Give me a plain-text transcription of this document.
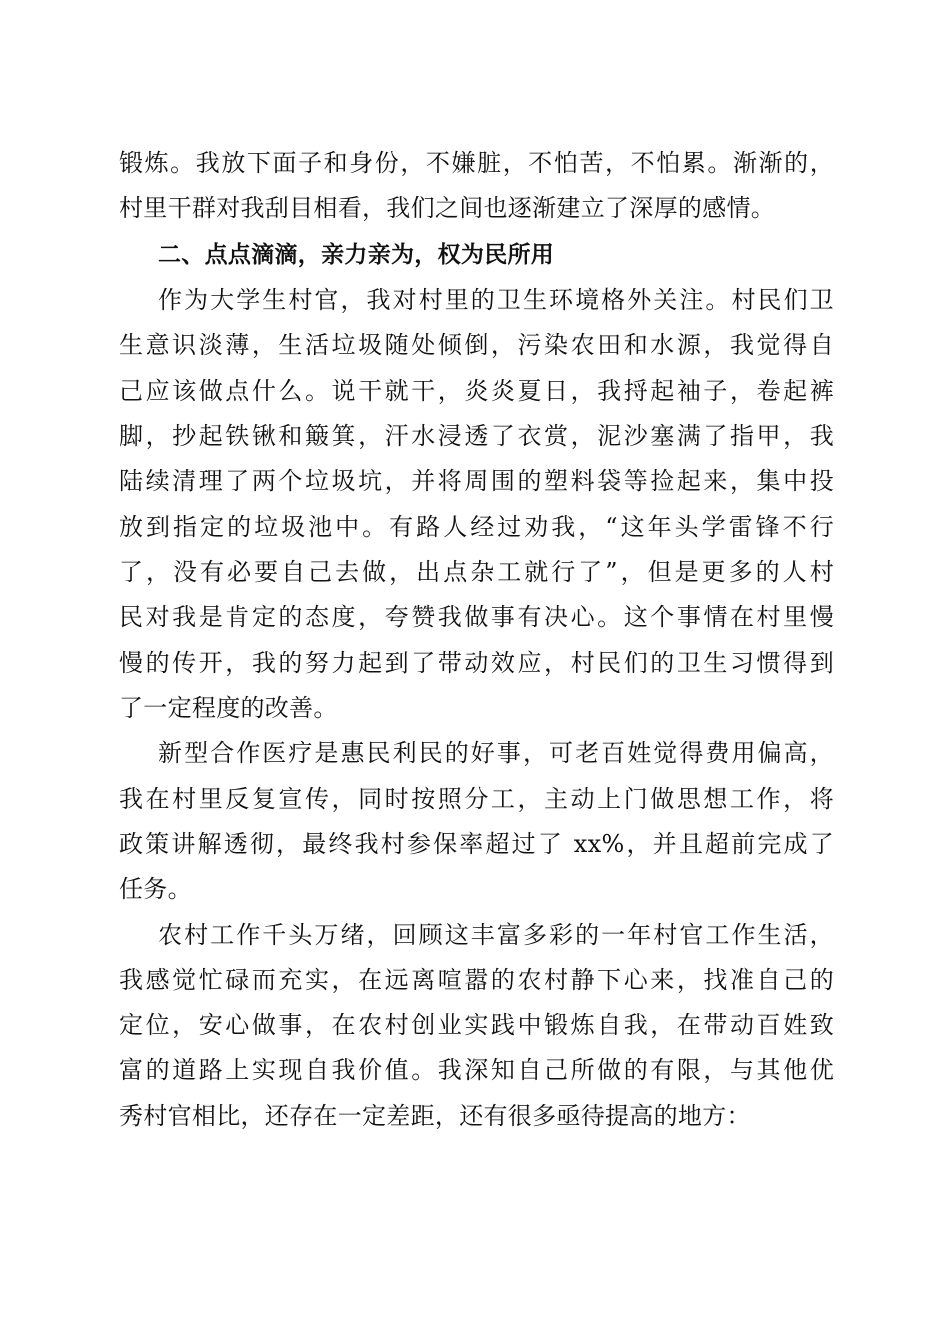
锻炼。我放下面子和身份，不嫌脏，不怕苦，不怕累。渐渐的，
村里干群对我刮目相看，我们之间也逐渐建立了深厚的感情。
二、点点滴滴，亲力亲为，权为民所用
作为大学生村官，我对村里的卫生环境格外关注。村民们卫
生意识淡薄，生活垃圾随处倾倒，污染农田和水源，我觉得自
己应该做点什么。说干就干，炎炎夏日，我捋起袖子，卷起裤
脚，抄起铁锹和簸箕，汗水浸透了衣赏，泥沙塞满了指甲，我
陆续清理了两个垃圾坑，并将周围的塑料袋等捡起来，集中投
放到指定的垃圾池中。有路人经过劝我，“这年头学雷锋不行
了，没有必要自己去做，出点杂工就行了”，但是更多的人村
民对我是肯定的态度，夸赞我做事有决心。这个事情在村里慢
慢的传开，我的努力起到了带动效应，村民们的卫生习惯得到
了一定程度的改善。
新型合作医疗是惠民利民的好事，可老百姓觉得费用偏高，
我在村里反复宣传，同时按照分工，主动上门做思想工作，将
政策讲解透彻，最终我村参保率超过了 xx%，并且超前完成了
任务。
农村工作千头万绪，回顾这丰富多彩的一年村官工作生活，
我感觉忙碌而充实，在远离喧嚣的农村静下心来，找准自己的
定位，安心做事，在农村创业实践中锻炼自我，在带动百姓致
富的道路上实现自我价值。我深知自己所做的有限，与其他优
秀村官相比，还存在一定差距，还有很多亟待提高的地方：
